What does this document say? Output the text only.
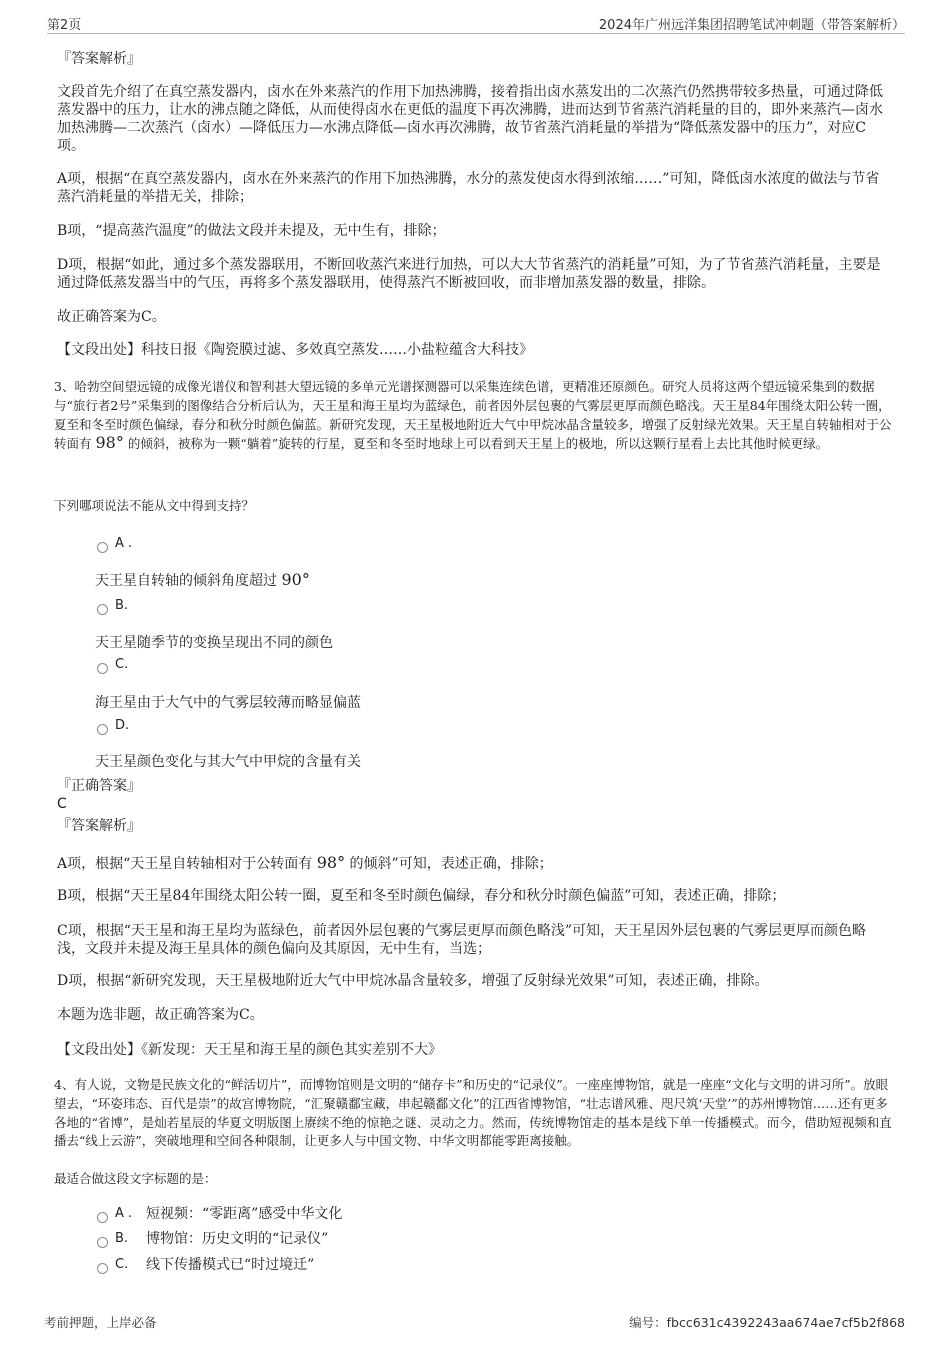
第2页	2024年广州远洋集团招聘笔试冲刺题（带答案解析）

『答案解析』

文段首先介绍了在真空蒸发器内，卤水在外来蒸汽的作用下加热沸腾，接着指出卤水蒸发出的二次蒸汽仍然携带较多热量，可通过降低蒸发器中的压力，让水的沸点随之降低，从而使得卤水在更低的温度下再次沸腾，进而达到节省蒸汽消耗量的目的，即外来蒸汽—卤水加热沸腾—二次蒸汽（卤水）—降低压力—水沸点降低—卤水再次沸腾，故节省蒸汽消耗量的举措为“降低蒸发器中的压力”，对应C项。

A项，根据“在真空蒸发器内，卤水在外来蒸汽的作用下加热沸腾，水分的蒸发使卤水得到浓缩……”可知，降低卤水浓度的做法与节省蒸汽消耗量的举措无关，排除；

B项，“提高蒸汽温度”的做法文段并未提及，无中生有，排除；

D项，根据“如此，通过多个蒸发器联用，不断回收蒸汽来进行加热，可以大大节省蒸汽的消耗量”可知，为了节省蒸汽消耗量，主要是通过降低蒸发器当中的气压，再将多个蒸发器联用，使得蒸汽不断被回收，而非增加蒸发器的数量，排除。

故正确答案为C。

【文段出处】科技日报《陶瓷膜过滤、多效真空蒸发……小盐粒蕴含大科技》

3、哈勃空间望远镜的成像光谱仪和智利甚大望远镜的多单元光谱探测器可以采集连续色谱，更精准还原颜色。研究人员将这两个望远镜采集到的数据与“旅行者2号”采集到的图像结合分析后认为，天王星和海王星均为蓝绿色，前者因外层包裹的气雾层更厚而颜色略浅。天王星84年围绕太阳公转一圈，夏至和冬至时颜色偏绿，春分和秋分时颜色偏蓝。新研究发现，天王星极地附近大气中甲烷冰晶含量较多，增强了反射绿光效果。天王星自转轴相对于公转面有 98° 的倾斜，被称为一颗“躺着”旋转的行星，夏至和冬至时地球上可以看到天王星上的极地，所以这颗行星看上去比其他时候更绿。

下列哪项说法不能从文中得到支持？

A .

天王星自转轴的倾斜角度超过 90°

B.

天王星随季节的变换呈现出不同的颜色

C.

海王星由于大气中的气雾层较薄而略显偏蓝

D.

天王星颜色变化与其大气中甲烷的含量有关

『正确答案』

C

『答案解析』

A项，根据“天王星自转轴相对于公转面有 98° 的倾斜”可知，表述正确，排除；

B项，根据“天王星84年围绕太阳公转一圈，夏至和冬至时颜色偏绿，春分和秋分时颜色偏蓝”可知，表述正确，排除；

C项，根据“天王星和海王星均为蓝绿色，前者因外层包裹的气雾层更厚而颜色略浅”可知，天王星因外层包裹的气雾层更厚而颜色略浅，文段并未提及海王星具体的颜色偏向及其原因，无中生有，当选；

D项，根据“新研究发现，天王星极地附近大气中甲烷冰晶含量较多，增强了反射绿光效果”可知，表述正确，排除。

本题为选非题，故正确答案为C。

【文段出处】《新发现：天王星和海王星的颜色其实差别不大》

4、有人说，文物是民族文化的“鲜活切片”，而博物馆则是文明的“储存卡”和历史的“记录仪”。一座座博物馆，就是一座座“文化与文明的讲习所”。放眼望去，“环姿玮态、百代是崇”的故宫博物院，“汇聚赣鄱宝藏，串起赣鄱文化”的江西省博物馆，“壮志谱风雅、咫尺筑‘天堂’”的苏州博物馆……还有更多各地的“省博”，是灿若星辰的华夏文明版图上赓续不绝的惊艳之谜、灵动之力。然而，传统博物馆走的基本是线下单一传播模式。而今，借助短视频和直播去“线上云游”，突破地理和空间各种限制，让更多人与中国文物、中华文明都能零距离接触。

最适合做这段文字标题的是：

A . 短视频：“零距离”感受中华文化

B. 博物馆：历史文明的“记录仪”

C. 线下传播模式已“时过境迁”

考前押题，上岸必备	编号：fbcc631c4392243aa674ae7cf5b2f868
